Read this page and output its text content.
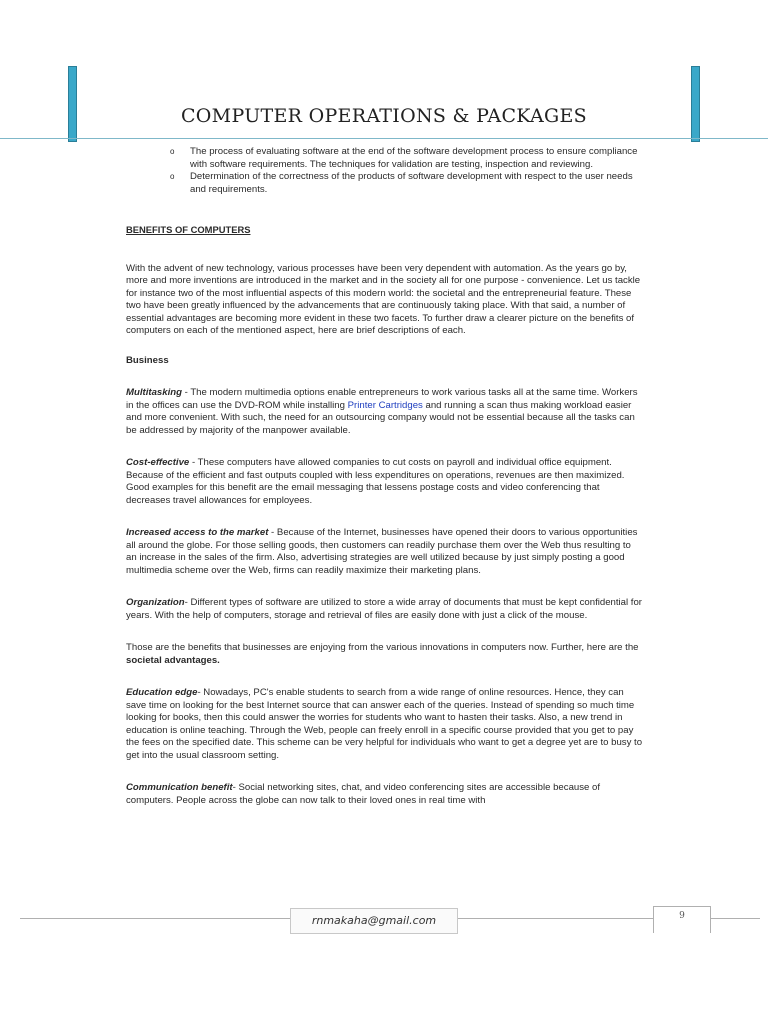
COMPUTER OPERATIONS & PACKAGES
o The process of evaluating software at the end of the software development process to ensure compliance with software requirements. The techniques for validation are testing, inspection and reviewing.
o Determination of the correctness of the products of software development with respect to the user needs and requirements.
BENEFITS OF COMPUTERS

With the advent of new technology, various processes have been very dependent with automation. As the years go by, more and more inventions are introduced in the market and in the society all for one purpose - convenience. Let us tackle for instance two of the most influential aspects of this modern world: the societal and the entrepreneurial feature. These two have been greatly influenced by the advancements that are continuously taking place. With that said, a number of essential advantages are becoming more evident in these two facets. To further draw a clearer picture on the benefits of computers on each of the mentioned aspect, here are brief descriptions of each.

Business

Multitasking - The modern multimedia options enable entrepreneurs to work various tasks all at the same time. Workers in the offices can use the DVD-ROM while installing Printer Cartridges and running a scan thus making workload easier and more convenient. With such, the need for an outsourcing company would not be essential because all the tasks can be addressed by majority of the manpower available.

Cost-effective - These computers have allowed companies to cut costs on payroll and individual office equipment. Because of the efficient and fast outputs coupled with less expenditures on operations, revenues are then maximized. Good examples for this benefit are the email messaging that lessens postage costs and video conferencing that decreases travel allowances for employees.

Increased access to the market - Because of the Internet, businesses have opened their doors to various opportunities all around the globe. For those selling goods, then customers can readily purchase them over the Web thus resulting to an increase in the sales of the firm. Also, advertising strategies are well utilized because by just simply posting a good multimedia scheme over the Web, firms can readily maximize their marketing plans.

Organization- Different types of software are utilized to store a wide array of documents that must be kept confidential for years. With the help of computers, storage and retrieval of files are easily done with just a click of the mouse.

Those are the benefits that businesses are enjoying from the various innovations in computers now. Further, here are the societal advantages.

Education edge- Nowadays, PC's enable students to search from a wide range of online resources. Hence, they can save time on looking for the best Internet source that can answer each of the queries. Instead of spending so much time looking for books, then this could answer the worries for students who want to hasten their tasks. Also, a new trend in education is online teaching. Through the Web, people can freely enroll in a specific course provided that you get to pay the fees on the specified date. This scheme can be very helpful for individuals who want to get a degree yet are to busy to get into the usual classroom setting.

Communication benefit- Social networking sites, chat, and video conferencing sites are accessible because of computers. People across the globe can now talk to their loved ones in real time with

rnmakaha@gmail.com	9
